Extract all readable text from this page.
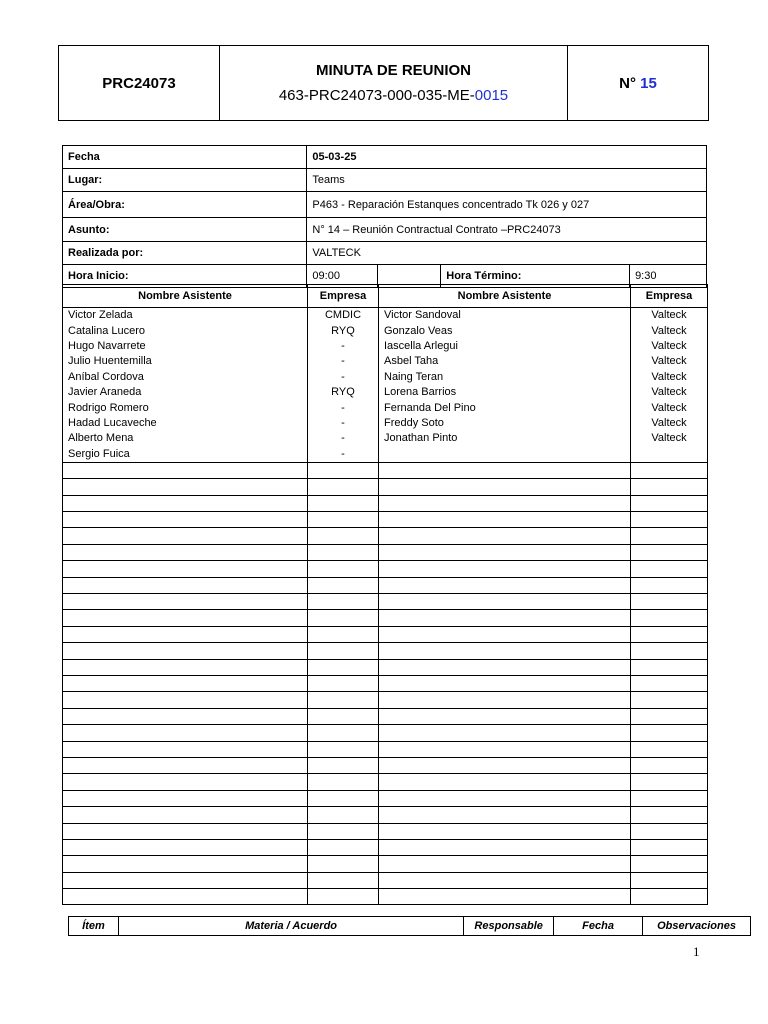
PRC24073	
MINUTA DE REUNION
463-PRC24073-000-035-ME-0015
	N° 15
Fecha	05-03-25			
Lugar:	Teams			
Área/Obra:	P463 - Reparación Estanques concentrado Tk 026 y 027			
Asunto:	N° 14 – Reunión Contractual Contrato –PRC24073			
Realizada por:	VALTECK			
Hora Inicio:	09:00		Hora Término:	9:30
Nombre Asistente	Empresa	Nombre Asistente	Empresa
Victor Zelada	CMDIC	Victor Sandoval	Valteck
Catalina Lucero	RYQ	Gonzalo Veas	Valteck
Hugo Navarrete	-	Iascella Arlegui	Valteck
Julio Huentemilla	-	Asbel Taha	Valteck
Aníbal Cordova	-	Naing Teran	Valteck
Javier Araneda	RYQ	Lorena Barrios	Valteck
Rodrigo Romero	-	Fernanda Del Pino	Valteck
Hadad Lucaveche	-	Freddy Soto	Valteck
Alberto Mena	-	Jonathan Pinto	Valteck
Sergio Fuica	-		

Ítem	Materia / Acuerdo	Responsable	Fecha	Observaciones
1
